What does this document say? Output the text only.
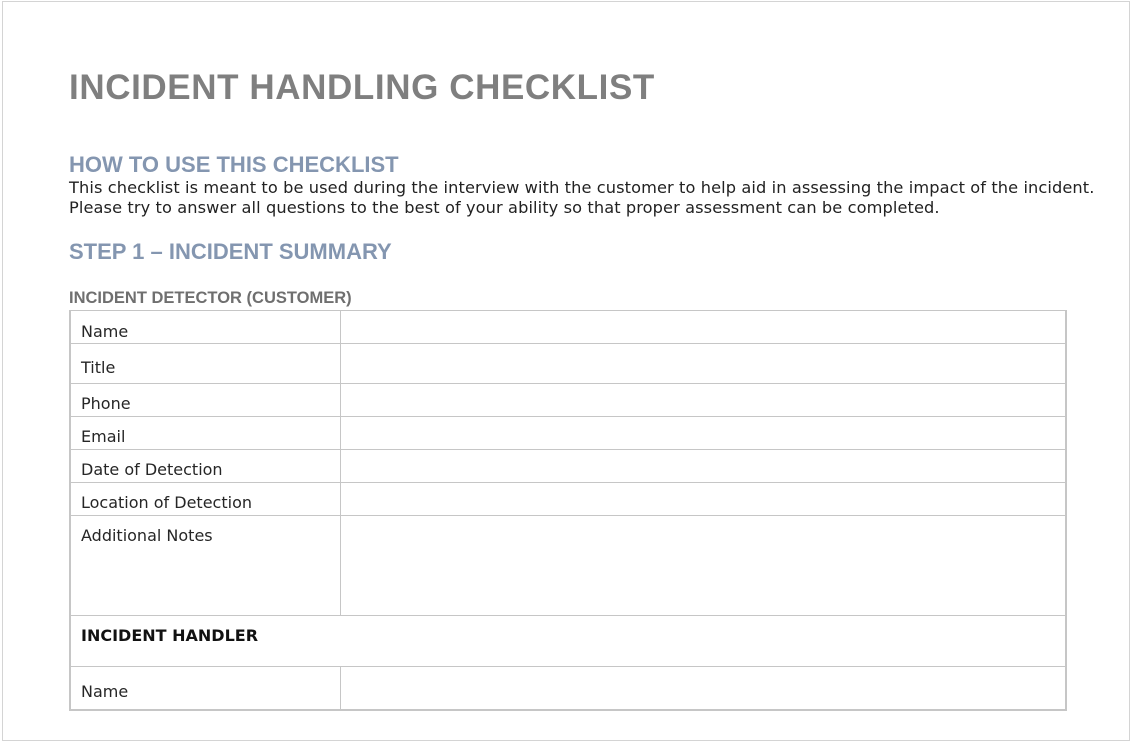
INCIDENT HANDLING CHECKLIST
HOW TO USE THIS CHECKLIST
This checklist is meant to be used during the interview with the customer to help aid in assessing the impact of the incident.
Please try to answer all questions to the best of your ability so that proper assessment can be completed.
STEP 1 – INCIDENT SUMMARY
INCIDENT DETECTOR (CUSTOMER)
Name	
Title	
Phone	
Email	
Date of Detection	
Location of Detection	
Additional Notes	
INCIDENT HANDLER	
Name	
